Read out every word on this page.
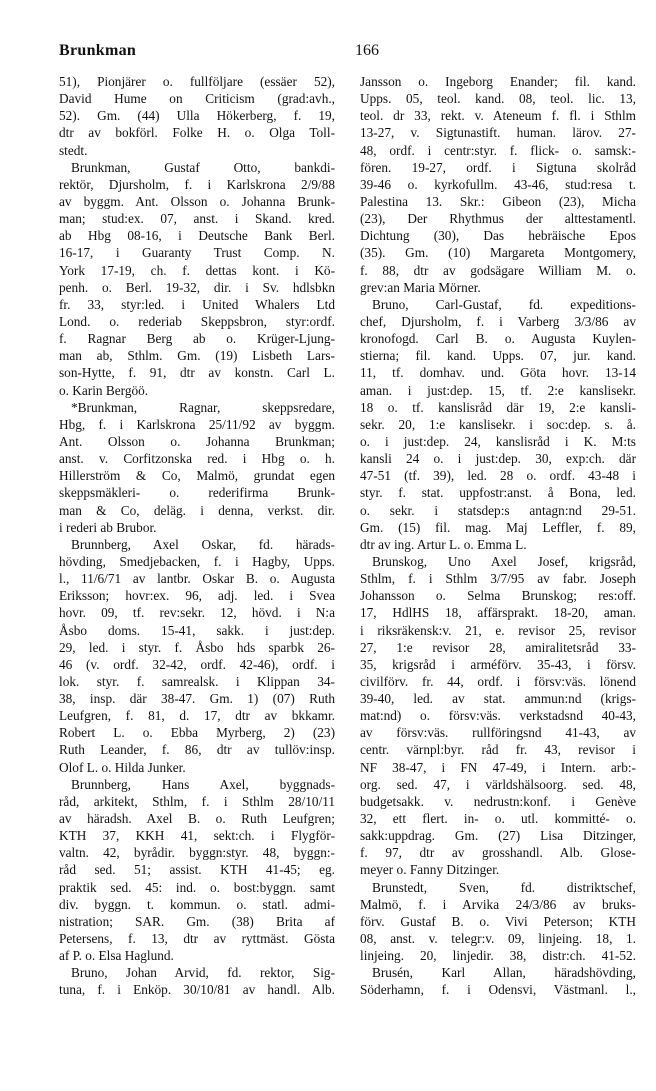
Brunkman	166
51), Pionjärer o. fullföljare (essäer 52),
David Hume on Criticism (grad:avh.,
52). Gm. (44) Ulla Hökerberg, f. 19,
dtr av bokförl. Folke H. o. Olga Toll-
stedt.
Brunkman, Gustaf Otto, bankdi-
rektör, Djursholm, f. i Karlskrona 2/9/88
av byggm. Ant. Olsson o. Johanna Brunk-
man; stud:ex. 07, anst. i Skand. kred.
ab Hbg 08-16, i Deutsche Bank Berl.
16-17, i Guaranty Trust Comp. N.
York 17-19, ch. f. dettas kont. i Kö-
penh. o. Berl. 19-32, dir. i Sv. hdlsbkn
fr. 33, styr:led. i United Whalers Ltd
Lond. o. rederiab Skeppsbron, styr:ordf.
f. Ragnar Berg ab o. Krüger-Ljung-
man ab, Sthlm. Gm. (19) Lisbeth Lars-
son-Hytte, f. 91, dtr av konstn. Carl L.
o. Karin Bergöö.
*Brunkman, Ragnar, skeppsredare,
Hbg, f. i Karlskrona 25/11/92 av byggm.
Ant. Olsson o. Johanna Brunkman;
anst. v. Corfitzonska red. i Hbg o. h.
Hillerström & Co, Malmö, grundat egen
skeppsmäkleri- o. rederifirma Brunk-
man & Co, deläg. i denna, verkst. dir.
i rederi ab Brubor.
Brunnberg, Axel Oskar, fd. härads-
hövding, Smedjebacken, f. i Hagby, Upps.
l., 11/6/71 av lantbr. Oskar B. o. Augusta
Eriksson; hovr:ex. 96, adj. led. i Svea
hovr. 09, tf. rev:sekr. 12, hövd. i N:a
Åsbo doms. 15-41, sakk. i just:dep.
29, led. i styr. f. Åsbo hds sparbk 26-
46 (v. ordf. 32-42, ordf. 42-46), ordf. i
lok. styr. f. samrealsk. i Klippan 34-
38, insp. där 38-47. Gm. 1) (07) Ruth
Leufgren, f. 81, d. 17, dtr av bkkamr.
Robert L. o. Ebba Myrberg, 2) (23)
Ruth Leander, f. 86, dtr av tullöv:insp.
Olof L. o. Hilda Junker.
Brunnberg, Hans Axel, byggnads-
råd, arkitekt, Sthlm, f. i Sthlm 28/10/11
av häradsh. Axel B. o. Ruth Leufgren;
KTH 37, KKH 41, sekt:ch. i Flygför-
valtn. 42, byrådir. byggn:styr. 48, byggn:-
råd sed. 51; assist. KTH 41-45; eg.
praktik sed. 45: ind. o. bost:byggn. samt
div. byggn. t. kommun. o. statl. admi-
nistration; SAR. Gm. (38) Brita af
Petersens, f. 13, dtr av ryttmäst. Gösta
af P. o. Elsa Haglund.
Bruno, Johan Arvid, fd. rektor, Sig-
tuna, f. i Enköp. 30/10/81 av handl. Alb.
Jansson o. Ingeborg Enander; fil. kand.
Upps. 05, teol. kand. 08, teol. lic. 13,
teol. dr 33, rekt. v. Ateneum f. fl. i Sthlm
13-27, v. Sigtunastift. human. lärov. 27-
48, ordf. i centr:styr. f. flick- o. samsk:-
fören. 19-27, ordf. i Sigtuna skolråd
39-46 o. kyrkofullm. 43-46, stud:resa t.
Palestina 13. Skr.: Gibeon (23), Micha
(23), Der Rhythmus der alttestamentl.
Dichtung (30), Das hebräische Epos
(35). Gm. (10) Margareta Montgomery,
f. 88, dtr av godsägare William M. o.
grev:an Maria Mörner.
Bruno, Carl-Gustaf, fd. expeditions-
chef, Djursholm, f. i Varberg 3/3/86 av
kronofogd. Carl B. o. Augusta Kuylen-
stierna; fil. kand. Upps. 07, jur. kand.
11, tf. domhav. und. Göta hovr. 13-14
aman. i just:dep. 15, tf. 2:e kanslisekr.
18 o. tf. kanslisråd där 19, 2:e kansli-
sekr. 20, 1:e kanslisekr. i soc:dep. s. å.
o. i just:dep. 24, kanslisråd i K. M:ts
kansli 24 o. i just:dep. 30, exp:ch. där
47-51 (tf. 39), led. 28 o. ordf. 43-48 i
styr. f. stat. uppfostr:anst. å Bona, led.
o. sekr. i statsdep:s antagn:nd 29-51.
Gm. (15) fil. mag. Maj Leffler, f. 89,
dtr av ing. Artur L. o. Emma L.
Brunskog, Uno Axel Josef, krigsråd,
Sthlm, f. i Sthlm 3/7/95 av fabr. Joseph
Johansson o. Selma Brunskog; res:off.
17, HdlHS 18, affärsprakt. 18-20, aman.
i riksräkensk:v. 21, e. revisor 25, revisor
27, 1:e revisor 28, amiralitetsråd 33-
35, krigsråd i arméförv. 35-43, i försv.
civilförv. fr. 44, ordf. i försv:väs. lönend
39-40, led. av stat. ammun:nd (krigs-
mat:nd) o. försv:väs. verkstadsnd 40-43,
av försv:väs. rullföringsnd 41-43, av
centr. värnpl:byr. råd fr. 43, revisor i
NF 38-47, i FN 47-49, i Intern. arb:-
org. sed. 47, i världshälsoorg. sed. 48,
budgetsakk. v. nedrustn:konf. i Genève
32, ett flert. in- o. utl. kommitté- o.
sakk:uppdrag. Gm. (27) Lisa Ditzinger,
f. 97, dtr av grosshandl. Alb. Glose-
meyer o. Fanny Ditzinger.
Brunstedt, Sven, fd. distriktschef,
Malmö, f. i Arvika 24/3/86 av bruks-
förv. Gustaf B. o. Vivi Peterson; KTH
08, anst. v. telegr:v. 09, linjeing. 18, 1.
linjeing. 20, linjedir. 38, distr:ch. 41-52.
Brusén, Karl Allan, häradshövding,
Söderhamn, f. i Odensvi, Västmanl. l.,
